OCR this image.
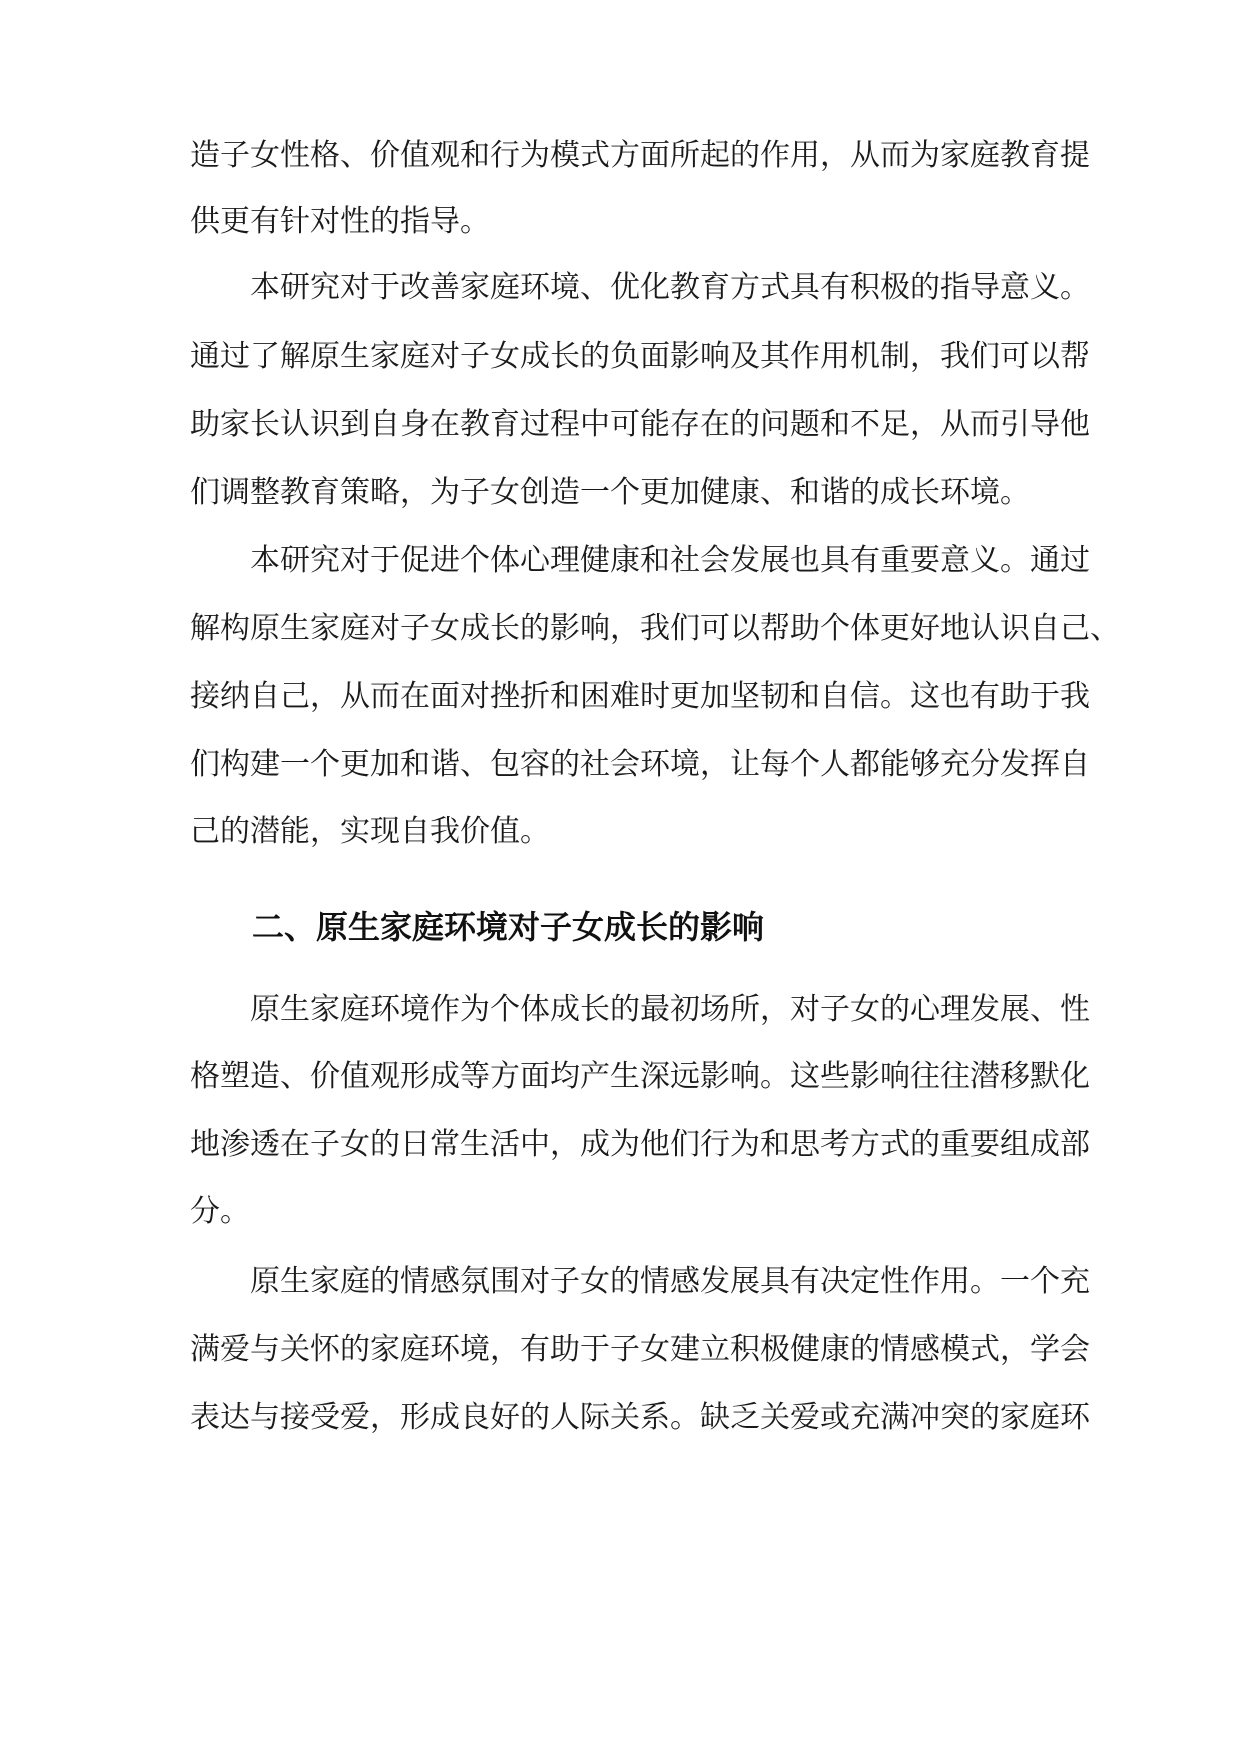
造子女性格、价值观和行为模式方面所起的作用，从而为家庭教育提
供更有针对性的指导。
　　本研究对于改善家庭环境、优化教育方式具有积极的指导意义。
通过了解原生家庭对子女成长的负面影响及其作用机制，我们可以帮
助家长认识到自身在教育过程中可能存在的问题和不足，从而引导他
们调整教育策略，为子女创造一个更加健康、和谐的成长环境。
　　本研究对于促进个体心理健康和社会发展也具有重要意义。通过
解构原生家庭对子女成长的影响，我们可以帮助个体更好地认识自己、
接纳自己，从而在面对挫折和困难时更加坚韧和自信。这也有助于我
们构建一个更加和谐、包容的社会环境，让每个人都能够充分发挥自
己的潜能，实现自我价值。
二、原生家庭环境对子女成长的影响
　　原生家庭环境作为个体成长的最初场所，对子女的心理发展、性
格塑造、价值观形成等方面均产生深远影响。这些影响往往潜移默化
地渗透在子女的日常生活中，成为他们行为和思考方式的重要组成部
分。
　　原生家庭的情感氛围对子女的情感发展具有决定性作用。一个充
满爱与关怀的家庭环境，有助于子女建立积极健康的情感模式，学会
表达与接受爱，形成良好的人际关系。缺乏关爱或充满冲突的家庭环
